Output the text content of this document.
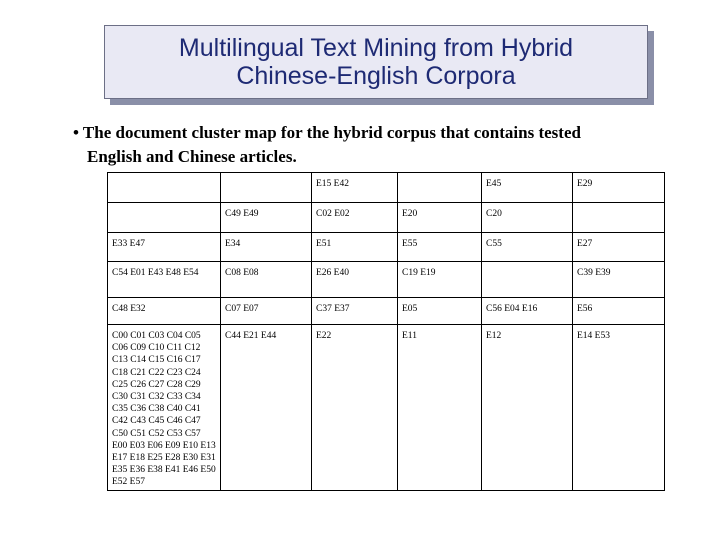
Multilingual Text Mining from Hybrid
Chinese-English Corpora
• The document cluster map for the hybrid corpus that contains tested
English and Chinese articles.
		E15 E42		E45	E29
	C49 E49	C02 E02	E20	C20	
E33 E47	E34	E51	E55	C55	E27
C54 E01 E43 E48 E54	C08 E08	E26 E40	C19 E19		C39 E39
C48 E32	C07 E07	C37 E37	E05	C56 E04 E16	E56
C00 C01 C03 C04 C05 C06 C09 C10 C11 C12 C13 C14 C15 C16 C17 C18 C21 C22 C23 C24 C25 C26 C27 C28 C29 C30 C31 C32 C33 C34 C35 C36 C38 C40 C41 C42 C43 C45 C46 C47 C50 C51 C52 C53 C57 E00 E03 E06 E09 E10 E13 E17 E18 E25 E28 E30 E31 E35 E36 E38 E41 E46 E50 E52 E57	C44 E21 E44	E22	E11	E12	E14 E53
